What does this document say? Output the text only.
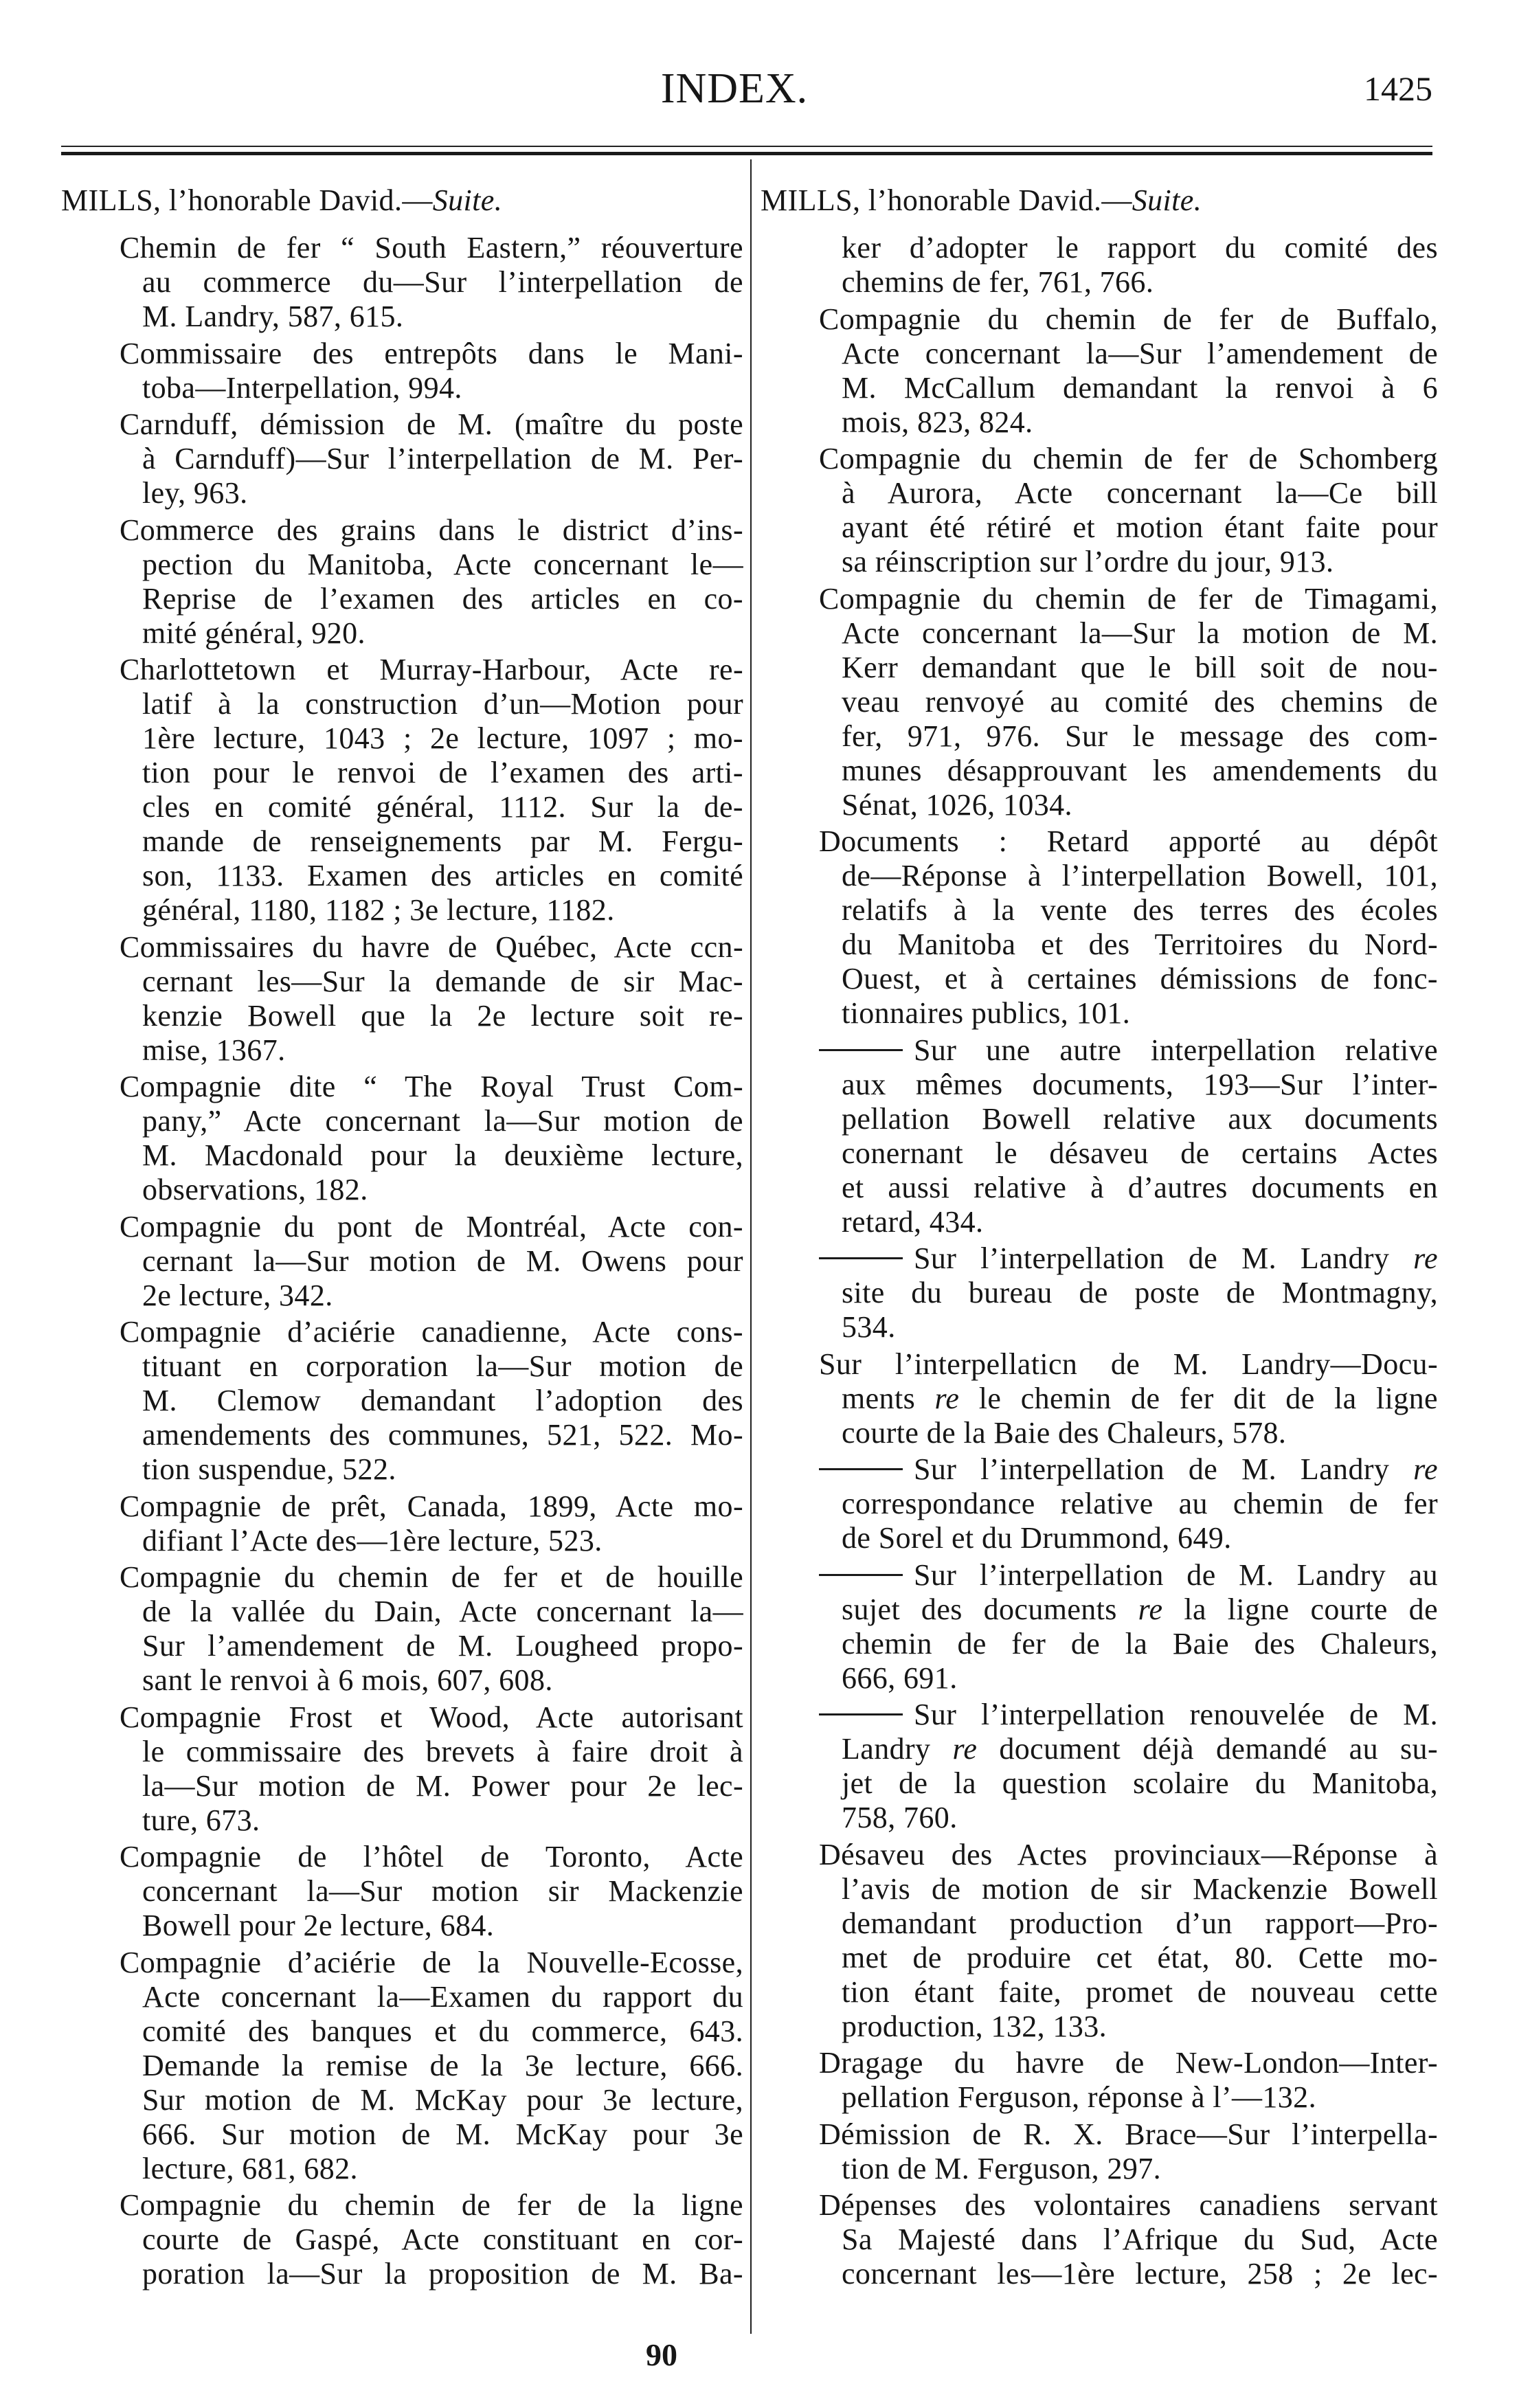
INDEX.	1425
MILLS, l’honorable David.—Suite.
Chemin de fer “ South Eastern,” réouverture
au commerce du—Sur l’interpellation de
M. Landry, 587, 615.
Commissaire des entrepôts dans le Mani-
toba—Interpellation, 994.
Carnduff, démission de M. (maître du poste
à Carnduff)—Sur l’interpellation de M. Per-
ley, 963.
Commerce des grains dans le district d’ins-
pection du Manitoba, Acte concernant le—
Reprise de l’examen des articles en co-
mité général, 920.
Charlottetown et Murray-Harbour, Acte re-
latif à la construction d’un—Motion pour
1ère lecture, 1043 ; 2e lecture, 1097 ; mo-
tion pour le renvoi de l’examen des arti-
cles en comité général, 1112. Sur la de-
mande de renseignements par M. Fergu-
son, 1133. Examen des articles en comité
général, 1180, 1182 ; 3e lecture, 1182.
Commissaires du havre de Québec, Acte ccn-
cernant les—Sur la demande de sir Mac-
kenzie Bowell que la 2e lecture soit re-
mise, 1367.
Compagnie dite “ The Royal Trust Com-
pany,” Acte concernant la—Sur motion de
M. Macdonald pour la deuxième lecture,
observations, 182.
Compagnie du pont de Montréal, Acte con-
cernant la—Sur motion de M. Owens pour
2e lecture, 342.
Compagnie d’aciérie canadienne, Acte cons-
tituant en corporation la—Sur motion de
M. Clemow demandant l’adoption des
amendements des communes, 521, 522. Mo-
tion suspendue, 522.
Compagnie de prêt, Canada, 1899, Acte mo-
difiant l’Acte des—1ère lecture, 523.
Compagnie du chemin de fer et de houille
de la vallée du Dain, Acte concernant la—
Sur l’amendement de M. Lougheed propo-
sant le renvoi à 6 mois, 607, 608.
Compagnie Frost et Wood, Acte autorisant
le commissaire des brevets à faire droit à
la—Sur motion de M. Power pour 2e lec-
ture, 673.
Compagnie de l’hôtel de Toronto, Acte
concernant la—Sur motion sir Mackenzie
Bowell pour 2e lecture, 684.
Compagnie d’aciérie de la Nouvelle-Ecosse,
Acte concernant la—Examen du rapport du
comité des banques et du commerce, 643.
Demande la remise de la 3e lecture, 666.
Sur motion de M. McKay pour 3e lecture,
666. Sur motion de M. McKay pour 3e
lecture, 681, 682.
Compagnie du chemin de fer de la ligne
courte de Gaspé, Acte constituant en cor-
poration la—Sur la proposition de M. Ba-
MILLS, l’honorable David.—Suite.
ker d’adopter le rapport du comité des
chemins de fer, 761, 766.
Compagnie du chemin de fer de Buffalo,
Acte concernant la—Sur l’amendement de
M. McCallum demandant la renvoi à 6
mois, 823, 824.
Compagnie du chemin de fer de Schomberg
à Aurora, Acte concernant la—Ce bill
ayant été rétiré et motion étant faite pour
sa réinscription sur l’ordre du jour, 913.
Compagnie du chemin de fer de Timagami,
Acte concernant la—Sur la motion de M.
Kerr demandant que le bill soit de nou-
veau renvoyé au comité des chemins de
fer, 971, 976. Sur le message des com-
munes désapprouvant les amendements du
Sénat, 1026, 1034.
Documents : Retard apporté au dépôt
de—Réponse à l’interpellation Bowell, 101,
relatifs à la vente des terres des écoles
du Manitoba et des Territoires du Nord-
Ouest, et à certaines démissions de fonc-
tionnaires publics, 101.
Sur une autre interpellation relative
aux mêmes documents, 193—Sur l’inter-
pellation Bowell relative aux documents
conernant le désaveu de certains Actes
et aussi relative à d’autres documents en
retard, 434.
Sur l’interpellation de M. Landry re
site du bureau de poste de Montmagny,
534.
Sur l’interpellaticn de M. Landry—Docu-
ments re le chemin de fer dit de la ligne
courte de la Baie des Chaleurs, 578.
Sur l’interpellation de M. Landry re
correspondance relative au chemin de fer
de Sorel et du Drummond, 649.
Sur l’interpellation de M. Landry au
sujet des documents re la ligne courte de
chemin de fer de la Baie des Chaleurs,
666, 691.
Sur l’interpellation renouvelée de M.
Landry re document déjà demandé au su-
jet de la question scolaire du Manitoba,
758, 760.
Désaveu des Actes provinciaux—Réponse à
l’avis de motion de sir Mackenzie Bowell
demandant production d’un rapport—Pro-
met de produire cet état, 80. Cette mo-
tion étant faite, promet de nouveau cette
production, 132, 133.
Dragage du havre de New-London—Inter-
pellation Ferguson, réponse à l’—132.
Démission de R. X. Brace—Sur l’interpella-
tion de M. Ferguson, 297.
Dépenses des volontaires canadiens servant
Sa Majesté dans l’Afrique du Sud, Acte
concernant les—1ère lecture, 258 ; 2e lec-
90
